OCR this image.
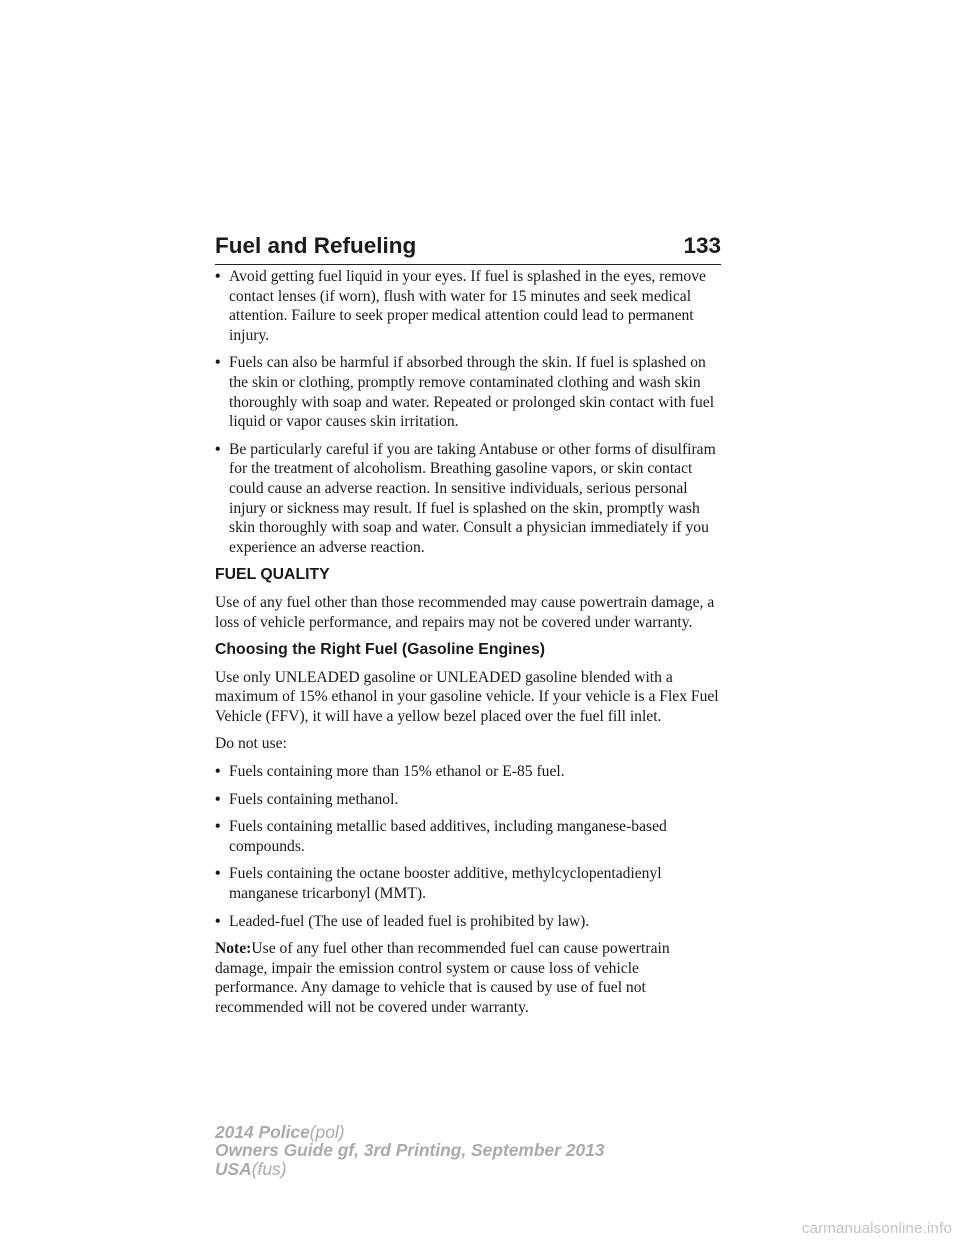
Fuel and Refueling	133
• Avoid getting fuel liquid in your eyes. If fuel is splashed in the eyes, remove contact lenses (if worn), flush with water for 15 minutes and seek medical attention. Failure to seek proper medical attention could lead to permanent injury.
• Fuels can also be harmful if absorbed through the skin. If fuel is splashed on the skin or clothing, promptly remove contaminated clothing and wash skin thoroughly with soap and water. Repeated or prolonged skin contact with fuel liquid or vapor causes skin irritation.
• Be particularly careful if you are taking Antabuse or other forms of disulfiram for the treatment of alcoholism. Breathing gasoline vapors, or skin contact could cause an adverse reaction. In sensitive individuals, serious personal injury or sickness may result. If fuel is splashed on the skin, promptly wash skin thoroughly with soap and water. Consult a physician immediately if you experience an adverse reaction.
FUEL QUALITY

Use of any fuel other than those recommended may cause powertrain damage, a loss of vehicle performance, and repairs may not be covered under warranty.

Choosing the Right Fuel (Gasoline Engines)

Use only UNLEADED gasoline or UNLEADED gasoline blended with a maximum of 15% ethanol in your gasoline vehicle. If your vehicle is a Flex Fuel Vehicle (FFV), it will have a yellow bezel placed over the fuel fill inlet.

Do not use:

• Fuels containing more than 15% ethanol or E-85 fuel.
• Fuels containing methanol.
• Fuels containing metallic based additives, including manganese-based compounds.
• Fuels containing the octane booster additive, methylcyclopentadienyl manganese tricarbonyl (MMT).
• Leaded-fuel (The use of leaded fuel is prohibited by law).

Note:Use of any fuel other than recommended fuel can cause powertrain damage, impair the emission control system or cause loss of vehicle performance. Any damage to vehicle that is caused by use of fuel not recommended will not be covered under warranty.

2014 Police(pol)
Owners Guide gf, 3rd Printing, September 2013
USA(fus)
carmanualsonline.info
